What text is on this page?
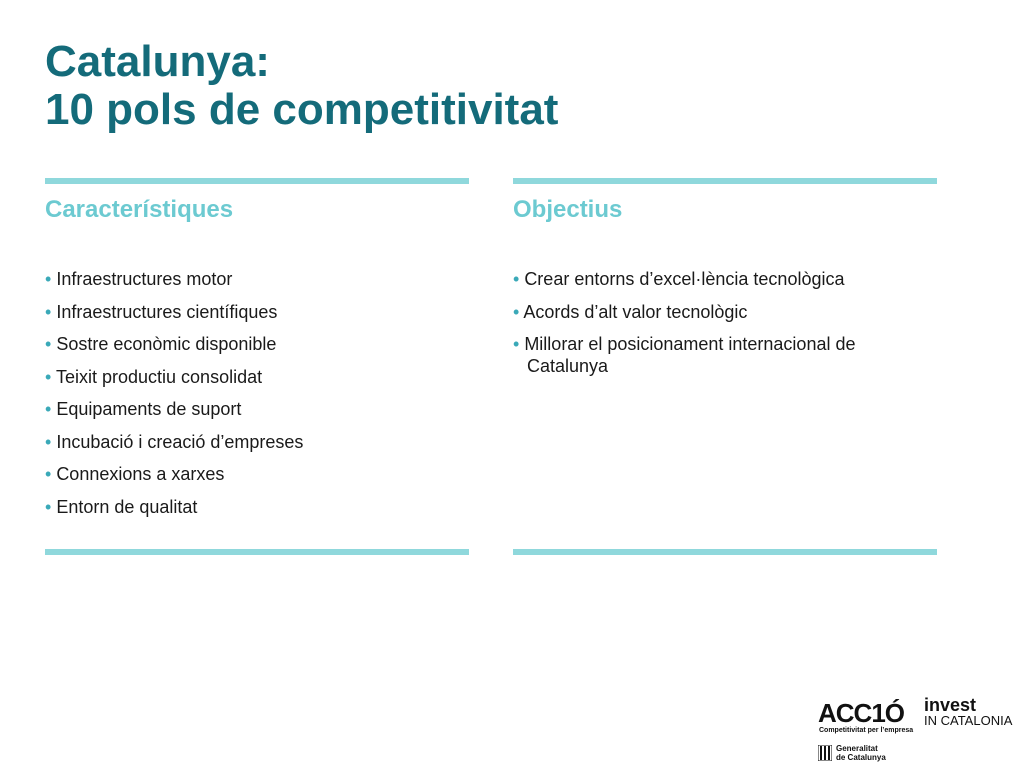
Catalunya:
10 pols de competitivitat
Característiques
• Infraestructures motor
• Infraestructures científiques
• Sostre econòmic disponible
• Teixit productiu consolidat
• Equipaments de suport
• Incubació i creació d’empreses
• Connexions a xarxes
• Entorn de qualitat
Objectius
• Crear entorns d’excel·lència tecnològica
• Acords d’alt valor tecnològic
• Millorar el posicionament internacional de Catalunya
ACC1Ó
Competitivitat per l’empresa
invest
IN CATALONIA
Generalitat
de Catalunya
